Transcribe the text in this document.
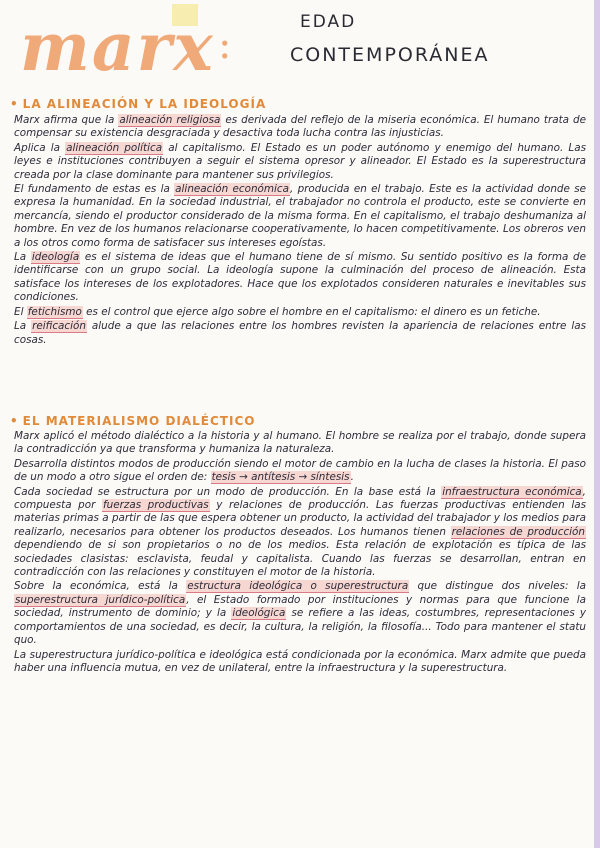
marx :	EDAD
CONTEMPORÁNEA
• LA ALINEACIÓN Y LA IDEOLOGÍA

Marx afirma que la alineación religiosa es derivada del reflejo de la miseria económica. El humano trata de compensar su existencia desgraciada y desactiva toda lucha contra las injusticias.

Aplica la alineación política al capitalismo. El Estado es un poder autónomo y enemigo del humano. Las leyes e instituciones contribuyen a seguir el sistema opresor y alineador. El Estado es la superestructura creada por la clase dominante para mantener sus privilegios.

El fundamento de estas es la alineación económica, producida en el trabajo. Este es la actividad donde se expresa la humanidad. En la sociedad industrial, el trabajador no controla el producto, este se convierte en mercancía, siendo el productor considerado de la misma forma. En el capitalismo, el trabajo deshumaniza al hombre. En vez de los humanos relacionarse cooperativamente, lo hacen competitivamente. Los obreros ven a los otros como forma de satisfacer sus intereses egoístas.

La ideología es el sistema de ideas que el humano tiene de sí mismo. Su sentido positivo es la forma de identificarse con un grupo social. La ideología supone la culminación del proceso de alineación. Esta satisface los intereses de los explotadores. Hace que los explotados consideren naturales e inevitables sus condiciones.

El fetichismo es el control que ejerce algo sobre el hombre en el capitalismo: el dinero es un fetiche.

La reificación alude a que las relaciones entre los hombres revisten la apariencia de relaciones entre las cosas.

• EL MATERIALISMO DIALÉCTICO

Marx aplicó el método dialéctico a la historia y al humano. El hombre se realiza por el trabajo, donde supera la contradicción ya que transforma y humaniza la naturaleza.

Desarrolla distintos modos de producción siendo el motor de cambio en la lucha de clases la historia. El paso de un modo a otro sigue el orden de: tesis → antítesis → síntesis.

Cada sociedad se estructura por un modo de producción. En la base está la infraestructura económica, compuesta por fuerzas productivas y relaciones de producción. Las fuerzas productivas entienden las materias primas a partir de las que espera obtener un producto, la actividad del trabajador y los medios para realizarlo, necesarios para obtener los productos deseados. Los humanos tienen relaciones de producción dependiendo de si son propietarios o no de los medios. Esta relación de explotación es típica de las sociedades clasistas: esclavista, feudal y capitalista. Cuando las fuerzas se desarrollan, entran en contradicción con las relaciones y constituyen el motor de la historia.

Sobre la económica, está la estructura ideológica o superestructura que distingue dos niveles: la superestructura jurídico-política, el Estado formado por instituciones y normas para que funcione la sociedad, instrumento de dominio; y la ideológica se refiere a las ideas, costumbres, representaciones y comportamientos de una sociedad, es decir, la cultura, la religión, la filosofía... Todo para mantener el statu quo.

La superestructura jurídico-política e ideológica está condicionada por la económica. Marx admite que pueda haber una influencia mutua, en vez de unilateral, entre la infraestructura y la superestructura.
